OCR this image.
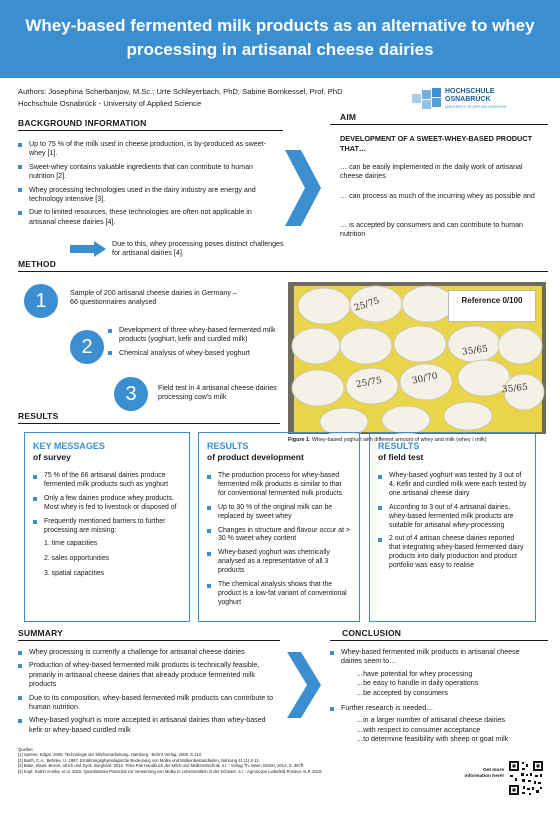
Whey-based fermented milk products as an alternative to whey processing in artisanal cheese dairies
Authors: Josephina Scherbanjow, M.Sc.; Urte Schleyerbach, PhD; Sabine Bornkessel, Prof. PhD
Hochschule Osnabrück - University of Applied Science
HOCHSCHULE
OSNABRÜCK
UNIVERSITY OF APPLIED SCIENCES
BACKGROUND INFORMATION
Up to 75 % of the milk used in cheese production, is by-produced as sweet-whey [1].
Sweet-whey contains valuable ingredients that can contribute to human nutrition [2].
Whey processing technologies used in the dairy industry are energy and technology intensive [3].
Due to limited resources, these technologies are often not applicable in artisanal cheese dairies [4].
Due to this, whey processing poses distinct challenges for artisanal dairies [4].
AIM
DEVELOPMENT OF A SWEET-WHEY-BASED PRODUCT THAT…
… can be easily implemented in the daily work of artisanal cheese dairies
… can process as much of the incurring whey as possible and
… is accepted by consumers and can contribute to human nutrition
METHOD
1	Sample of 200 artisanal cheese dairies in Germany – 66 questionnaires analysed
2
Development of three whey-based fermented milk products (yoghurt, kefir and curdled milk)
Chemical analysis of whey-based yoghurt
3	Field test in 4 artisanal cheese dairies processing cow's milk
Reference 0/100
25/75
35/65
25/75	30/70
35/65
Figure 1: Whey-based yoghurt with different amount of whey and milk (whey / milk)
RESULTS
KEY MESSAGES
of survey
75 % of the 66 artisanal dairies produce fermented milk products such as yoghurt
Only a few dairies produce whey products. Most whey is fed to livestock or disposed of
Frequently mentioned barriers to further processing are missing:
1. time capacities
2. sales opportunities
3. spatial capacities
RESULTS
of product development
The production process for whey-based fermented milk products is similar to that for conventional fermented milk products
Up to 30 % of the original milk can be replaced by sweet whey
Changes in structure and flavour occur at > 30 % sweet whey content
Whey-based yoghurt was chemically analysed as a representative of all 3 products
The chemical analysis shows that the product is a low-fat variant of conventional yoghurt
RESULTS
of field test
Whey-based yoghurt was tested by 3 out of 4, Kefir and curdled milk were each tested by one artisanal cheese dairy
According to 3 out of 4 artisanal dairies, whey-based fermented milk products are suitable for artisanal whey-processing
2 out of 4 artisan cheese dairies reported that integrating whey-based fermented dairy products into daily production and product portfolio was easy to realise
SUMMARY
Whey processing is currently a challenge for artisanal cheese dairies
Production of whey-based fermented milk products is technically feasible, primarily in artisanal cheese dairies that already produce fermented milk products
Due to its composition, whey-based fermented milk products can contribute to human nutrition.
Whey-based yoghurt is more accepted in artisanal dairies than whey-based kefir or whey-based curdled milk
CONCLUSION
Whey-based fermented milk products in artisanal cheese dairies seem to…
…have potential for whey processing
…be easy to handle in daily operations
…be accepted by consumers
Further research is needed…
…in a larger number of artisanal cheese dairies
…with respect to consumer acceptance
…to determine feasibility with sheep or goat milk
Quellen:
[1] Sprerer, Edgar. 2005. Technologie der Milchverarbeitung. Hamburg : Behr's Verlag, 2005, S.110.
[2] Barth, C.A.; Behnke, U. 1997. Ernährungsphysiologische Bedeutung von Molke und Molkenbestandteilen, Nahrung 41 (1) 2-12.
[3] Bake, Klaus, Beeck, Ulrich und Dyck, Burghard. 2012. Tetra Pak Handbuch der Milch und Molkereitechnik. s.l. : Verlag Th. Mann GmbH, 2012, S. 367ff.
[4] Kopf, Katrin Annika, et al. 2015. Quantitatives Potenzial zur Verwertung von Molke in Lebensmitteln in der Schweiz. s.l. : Agroscope Liebefeld-Posieux ALP, 2015.	Get more information here!
